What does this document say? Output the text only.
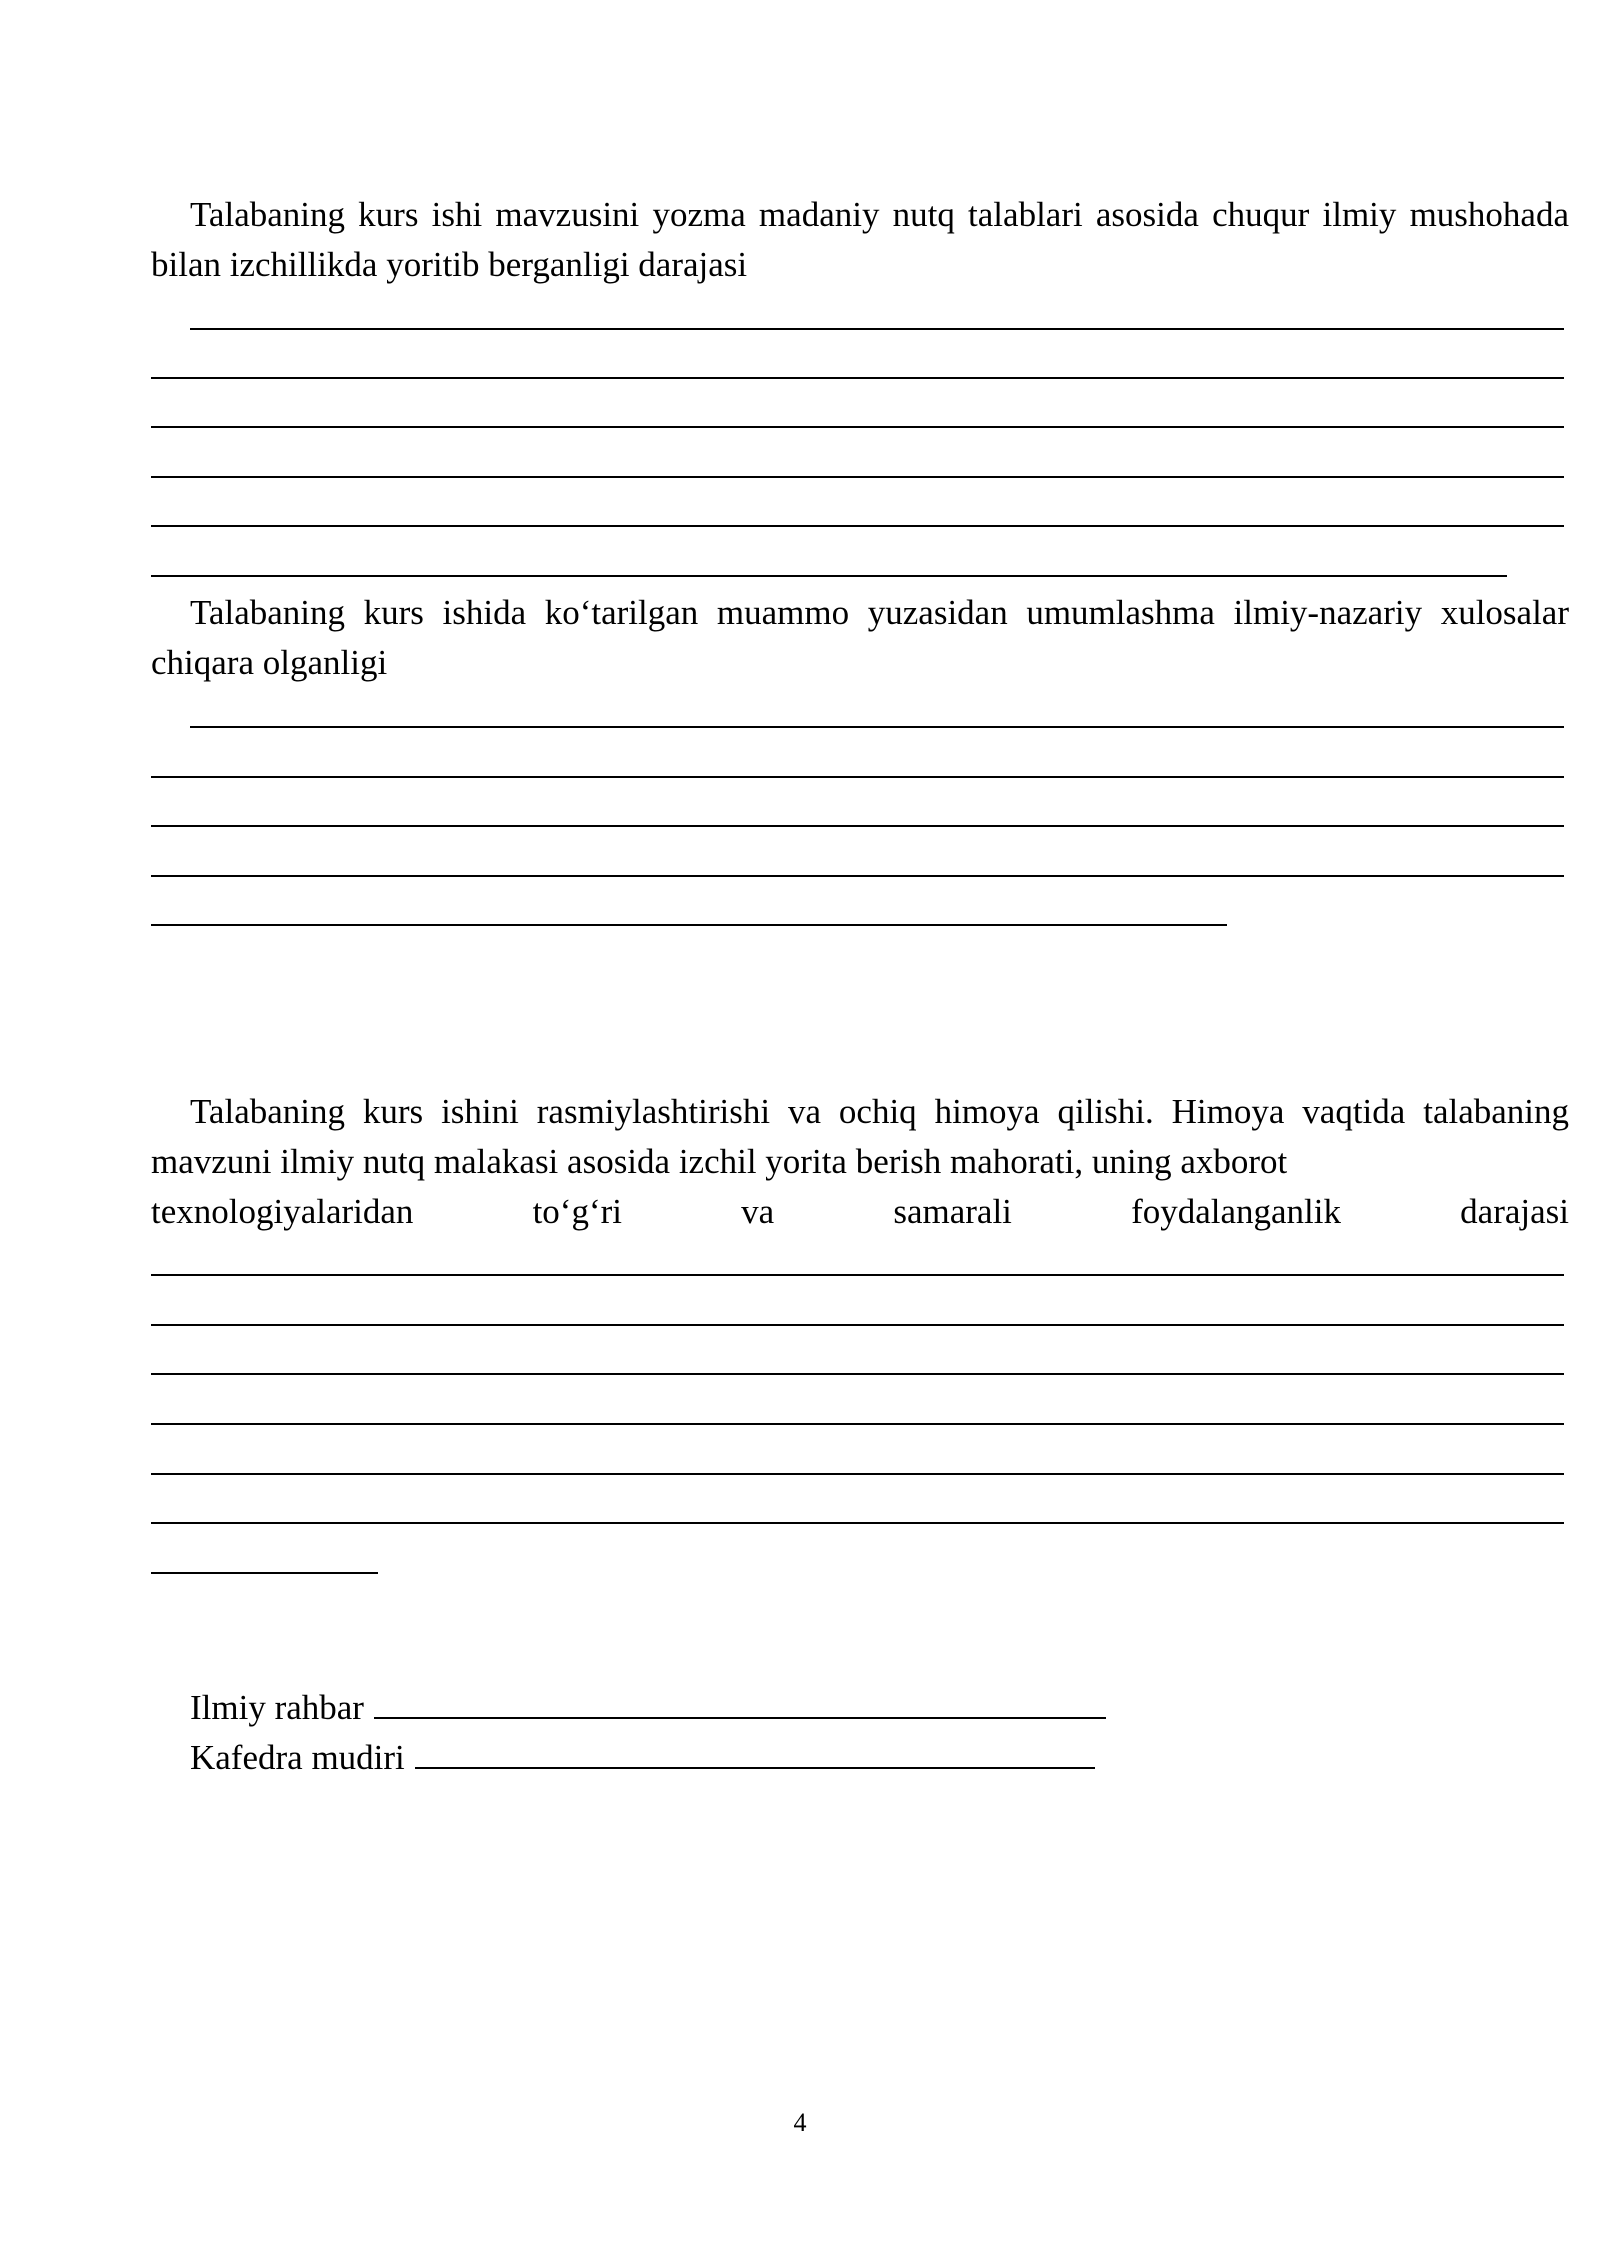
Talabaning kurs ishi mavzusini yozma madaniy nutq talablari asosida chuqur ilmiy mushohada bilan izchillikda yoritib berganligi darajasi

Talabaning kurs ishida ko‘tarilgan muammo yuzasidan umumlashma ilmiy-nazariy xulosalar chiqara olganligi

Talabaning kurs ishini rasmiylashtirishi va ochiq himoya qilishi. Himoya vaqtida talabaning mavzuni ilmiy nutq malakasi asosida izchil yorita berish mahorati, uning axborot

texnologiyalaridan to‘g‘ri va samarali foydalanganlik darajasi

Ilmiy rahbar

Kafedra mudiri

4
